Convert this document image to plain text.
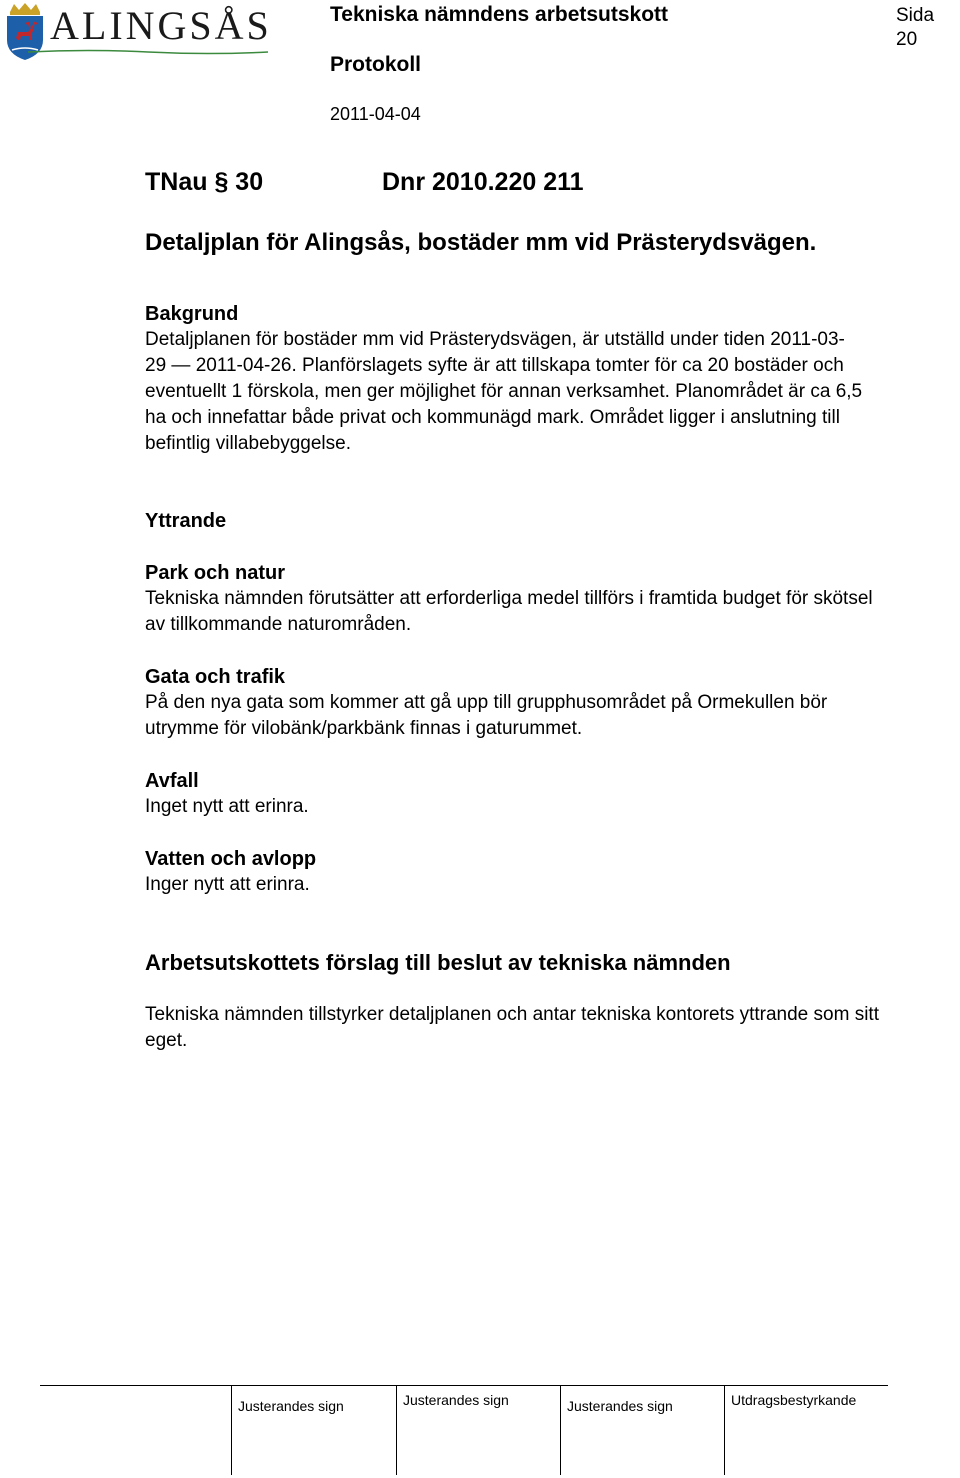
ALINGSÅS	Tekniska nämndens arbetsutskott	Sida 20
Protokoll
2011-04-04
TNau § 30	Dnr 2010.220 211
Detaljplan för Alingsås, bostäder mm vid Prästerydsvägen.

Bakgrund

Detaljplanen för bostäder mm vid Prästerydsvägen, är utställd under tiden 2011-03-29 — 2011-04-26. Planförslagets syfte är att tillskapa tomter för ca 20 bostäder och eventuellt 1 förskola, men ger möjlighet för annan verksamhet. Planområdet är ca 6,5 ha och innefattar både privat och kommunägd mark. Området ligger i anslutning till befintlig villabebyggelse.

Yttrande

Park och natur

Tekniska nämnden förutsätter att erforderliga medel tillförs i framtida budget för skötsel av tillkommande naturområden.

Gata och trafik

På den nya gata som kommer att gå upp till grupphusområdet på Ormekullen bör utrymme för vilobänk/parkbänk finnas i gaturummet.

Avfall

Inget nytt att erinra.

Vatten och avlopp

Inger nytt att erinra.

Arbetsutskottets förslag till beslut av tekniska nämnden

Tekniska nämnden tillstyrker detaljplanen och antar tekniska kontorets yttrande som sitt eget.

Justerandes sign	Justerandes sign	Justerandes sign	Utdragsbestyrkande
